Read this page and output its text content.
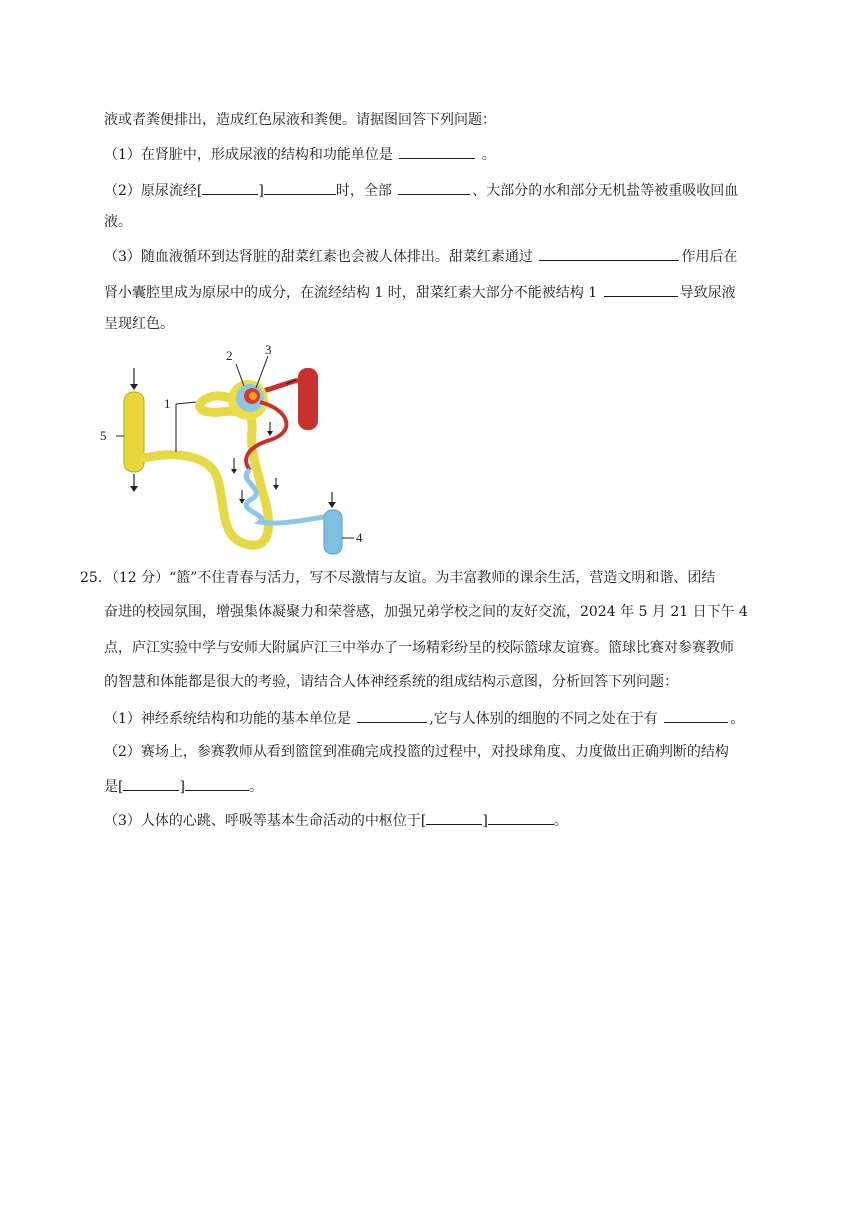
液或者粪便排出，造成红色尿液和粪便。请据图回答下列问题：
（1）在肾脏中，形成尿液的结构和功能单位是	。
（2）原尿流经[	]	时，全部	、大部分的水和部分无机盐等被重吸收回血
液。
（3）随血液循环到达肾脏的甜菜红素也会被人体排出。甜菜红素通过	作用后在
肾小囊腔里成为原尿中的成分，在流经结构 1 时，甜菜红素大部分不能被结构 1	导致尿液
呈现红色。
1
2	3
4
5
25．（12 分）“篮”不住青春与活力，写不尽激情与友谊。为丰富教师的课余生活，营造文明和谐、团结
奋进的校园氛围，增强集体凝聚力和荣誉感，加强兄弟学校之间的友好交流，2024 年 5 月 21 日下午 4
点，庐江实验中学与安师大附属庐江三中举办了一场精彩纷呈的校际篮球友谊赛。篮球比赛对参赛教师
的智慧和体能都是很大的考验，请结合人体神经系统的组成结构示意图，分析回答下列问题：
（1）神经系统结构和功能的基本单位是	,它与人体别的细胞的不同之处在于有	。
（2）赛场上，参赛教师从看到篮筐到准确完成投篮的过程中，对投球角度、力度做出正确判断的结构
是[	]	。
（3）人体的心跳、呼吸等基本生命活动的中枢位于[	]	。
